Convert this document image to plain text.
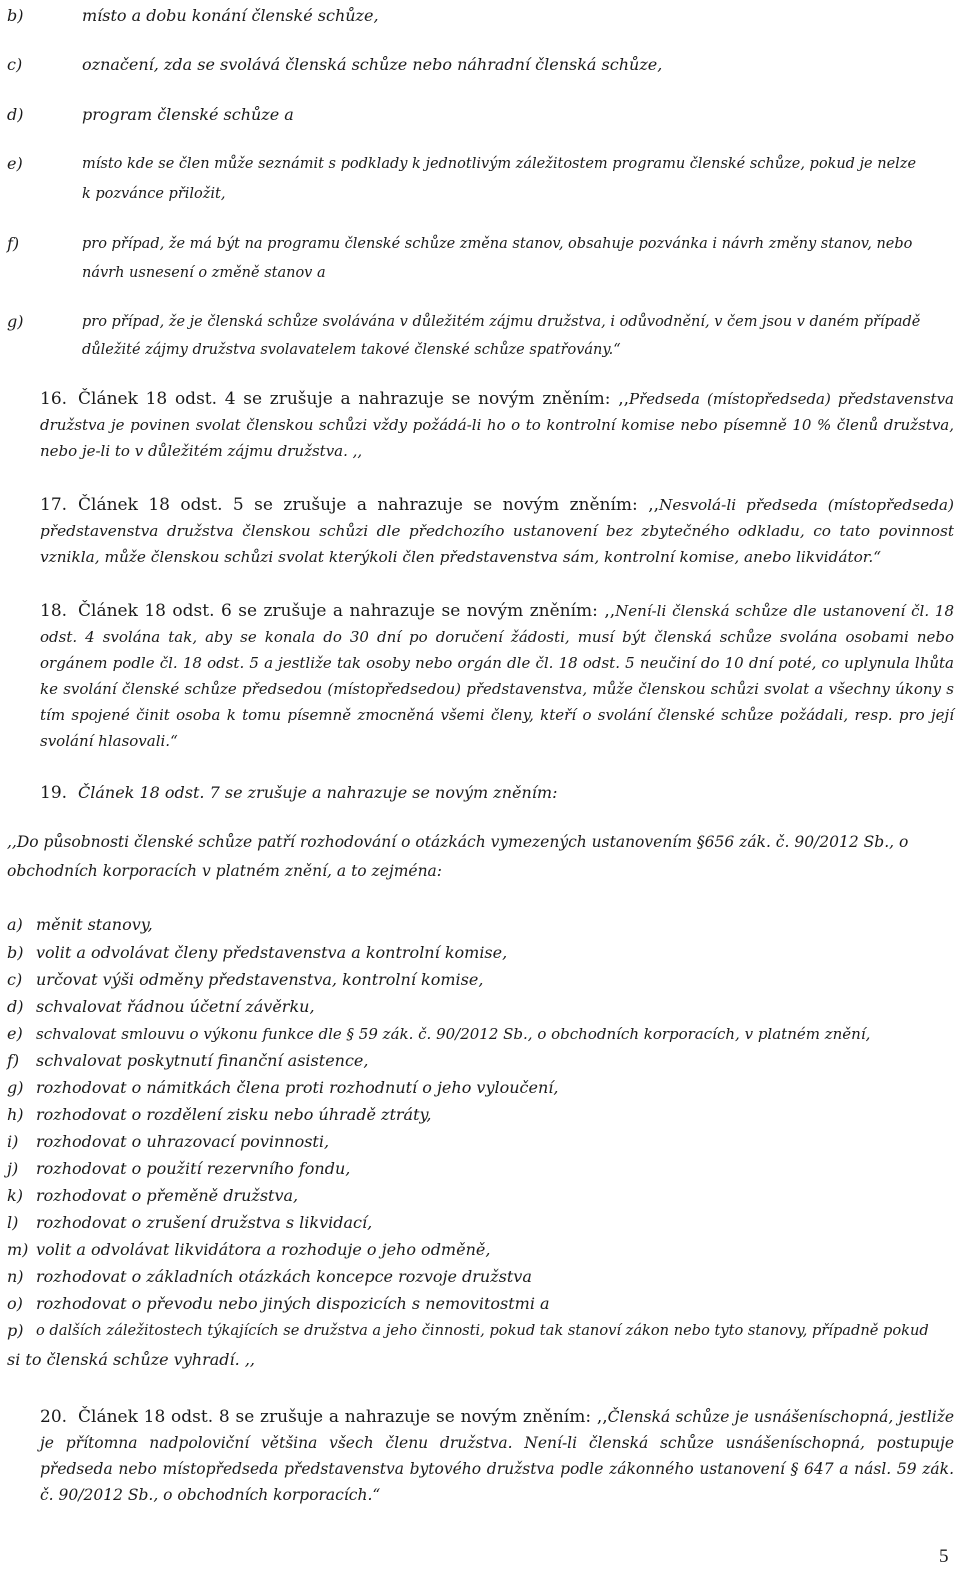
b)	místo a dobu konání členské schůze,
c)	označení, zda se svolává členská schůze nebo náhradní členská schůze,
d)	program členské schůze a
e)	místo kde se člen může seznámit s podklady k jednotlivým záležitostem programu členské schůze, pokud je nelze
k pozvánce přiložit,
f)	pro případ, že má být na programu členské schůze změna stanov, obsahuje pozvánka i návrh změny stanov, nebo
návrh usnesení o změně stanov a
g)	pro případ, že je členská schůze svolávána v důležitém zájmu družstva, i odůvodnění, v čem jsou v daném případě
důležité zájmy družstva svolavatelem takové členské schůze spatřovány.“
16. Článek 18 odst. 4 se zrušuje a nahrazuje se novým zněním: ,,Předseda (místopředseda) představenstva družstva je povinen svolat členskou schůzi vždy požádá-li ho o to kontrolní komise nebo písemně 10 % členů družstva, nebo je-li to v důležitém zájmu družstva. ,,
17. Článek 18 odst. 5 se zrušuje a nahrazuje se novým zněním: ,,Nesvolá-li předseda (místopředseda) představenstva družstva členskou schůzi dle předchozího ustanovení bez zbytečného odkladu, co tato povinnost vznikla, může členskou schůzi svolat kterýkoli člen představenstva sám, kontrolní komise, anebo likvidátor.“
18. Článek 18 odst. 6 se zrušuje a nahrazuje se novým zněním: ,,Není-li členská schůze dle ustanovení čl. 18 odst. 4 svolána tak, aby se konala do 30 dní po doručení žádosti, musí být členská schůze svolána osobami nebo orgánem podle čl. 18 odst. 5 a jestliže tak osoby nebo orgán dle čl. 18 odst. 5 neučiní do 10 dní poté, co uplynula lhůta ke svolání členské schůze předsedou (místopředsedou) představenstva, může členskou schůzi svolat a všechny úkony s tím spojené činit osoba k tomu písemně zmocněná všemi členy, kteří o svolání členské schůze požádali, resp. pro její svolání hlasovali.“
19. Článek 18 odst. 7 se zrušuje a nahrazuje se novým zněním:
,,Do působnosti členské schůze patří rozhodování o otázkách vymezených ustanovením §656 zák. č. 90/2012 Sb., o
obchodních korporacích v platném znění, a to zejména:
a) měnit stanovy,
b) volit a odvolávat členy představenstva a kontrolní komise,
c) určovat výši odměny představenstva, kontrolní komise,
d) schvalovat řádnou účetní závěrku,
e) schvalovat smlouvu o výkonu funkce dle § 59 zák. č. 90/2012 Sb., o obchodních korporacích, v platném znění,
f) schvalovat poskytnutí finanční asistence,
g) rozhodovat o námitkách člena proti rozhodnutí o jeho vyloučení,
h) rozhodovat o rozdělení zisku nebo úhradě ztráty,
i) rozhodovat o uhrazovací povinnosti,
j) rozhodovat o použití rezervního fondu,
k) rozhodovat o přeměně družstva,
l) rozhodovat o zrušení družstva s likvidací,
m) volit a odvolávat likvidátora a rozhoduje o jeho odměně,
n) rozhodovat o základních otázkách koncepce rozvoje družstva
o) rozhodovat o převodu nebo jiných dispozicích s nemovitostmi a
p) o dalších záležitostech týkajících se družstva a jeho činnosti, pokud tak stanoví zákon nebo tyto stanovy, případně pokud
si to členská schůze vyhradí. ,,
20. Článek 18 odst. 8 se zrušuje a nahrazuje se novým zněním: ,,Členská schůze je usnášeníschopná, jestliže je přítomna nadpoloviční většina všech členu družstva. Není-li členská schůze usnášeníschopná, postupuje předseda nebo místopředseda představenstva bytového družstva podle zákonného ustanovení § 647 a násl. 59 zák. č. 90/2012 Sb., o obchodních korporacích.“
5
